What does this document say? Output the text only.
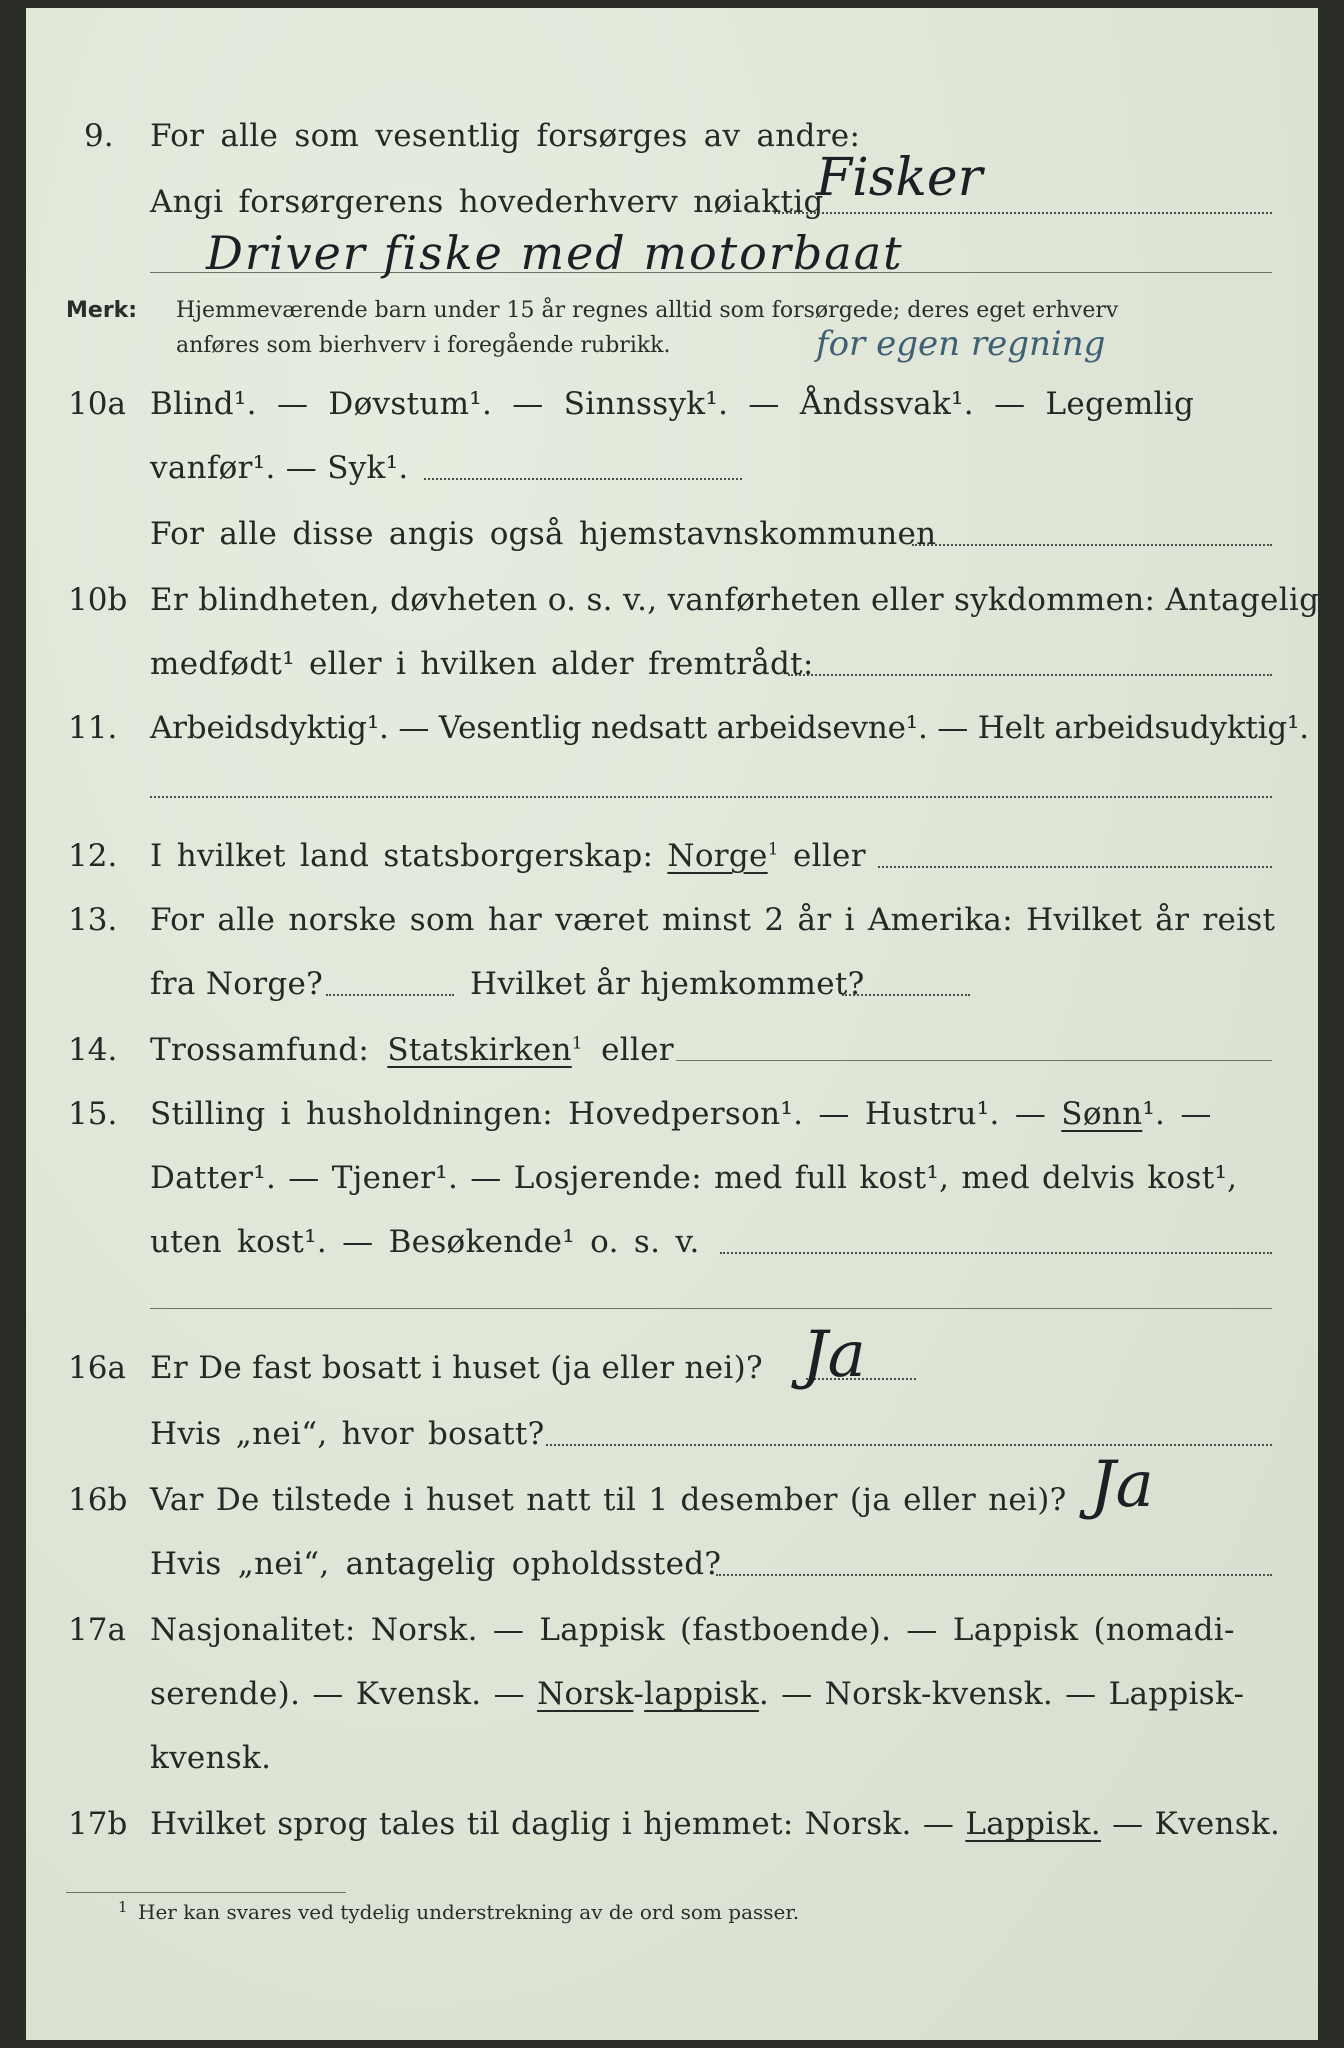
9. For alle som vesentlig forsørges av andre:
Angi forsørgerens hovederhverv nøiaktig
Fisker
Driver fiske med motorbaat
Merk: Hjemmeværende barn under 15 år regnes alltid som forsørgede; deres eget erhverv
anføres som bierhverv i foregående rubrikk.	for egen regning
10a Blind¹. — Døvstum¹. — Sinnssyk¹. — Åndssvak¹. — Legemlig
vanfør¹. — Syk¹.
For alle disse angis også hjemstavnskommunen
10b Er blindheten, døvheten o. s. v., vanførheten eller sykdommen: Antagelig
medfødt¹ eller i hvilken alder fremtrådt:
11. Arbeidsdyktig¹. — Vesentlig nedsatt arbeidsevne¹. — Helt arbeidsudyktig¹.
12. I hvilket land statsborgerskap: Norge$^1$ eller
13. For alle norske som har været minst 2 år i Amerika: Hvilket år reist
fra Norge?	Hvilket år hjemkommet?
14. Trossamfund: Statskirken$^1$ eller
15. Stilling i husholdningen: Hovedperson¹. — Hustru¹. — Sønn¹. —
Datter¹. — Tjener¹. — Losjerende: med full kost¹, med delvis kost¹,
uten kost¹. — Besøkende¹ o. s. v.
16a Er De fast bosatt i huset (ja eller nei)? Ja
Hvis „nei“, hvor bosatt?
16b Var De tilstede i huset natt til 1 desember (ja eller nei)? Ja
Hvis „nei“, antagelig opholdssted?
17a Nasjonalitet: Norsk. — Lappisk (fastboende). — Lappisk (nomadi-
serende). — Kvensk. — Norsk-lappisk. — Norsk-kvensk. — Lappisk-
kvensk.
17b Hvilket sprog tales til daglig i hjemmet: Norsk. — Lappisk. — Kvensk.
1 Her kan svares ved tydelig understrekning av de ord som passer.
